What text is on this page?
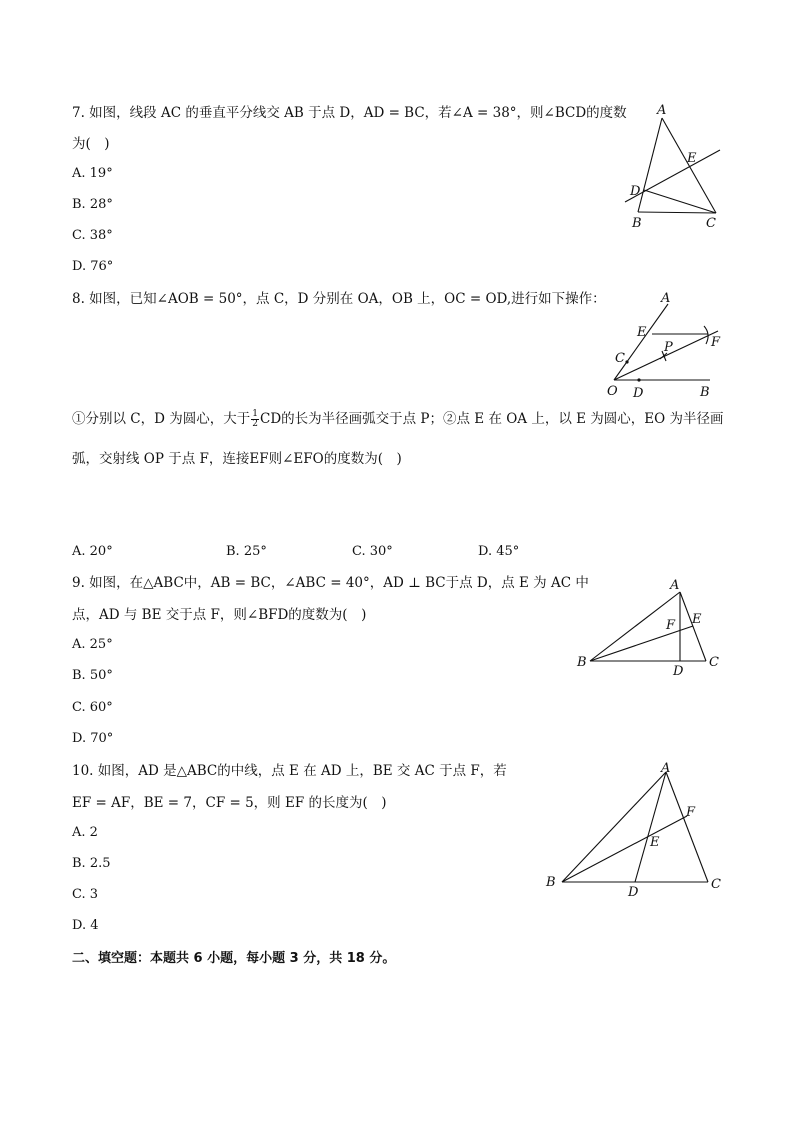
7. 如图，线段 AC 的垂直平分线交 AB 于点 D，AD = BC，若∠A = 38°，则∠BCD的度数
为(　)
A. 19°
B. 28°
C. 38°
D. 76°
A
E
D
B	C
8. 如图，已知∠AOB = 50°，点 C，D 分别在 OA，OB 上，OC = OD,进行如下操作：	A
E
F
P
C
O D	B
①分别以 C，D 为圆心，大于 $\frac{1}{2}$ CD的长为半径画弧交于点 P；②点 E 在 OA 上，以 E 为圆心，EO 为半径画
弧，交射线 OP 于点 F，连接EF则∠EFO的度数为(　)
A. 20°	B. 25°	C. 30°	D. 45°
9. 如图，在△ABC中，AB = BC，∠ABC = 40°，AD ⊥ BC于点 D，点 E 为 AC 中
点，AD 与 BE 交于点 F，则∠BFD的度数为(　)
A. 25°
B. 50°
C. 60°
D. 70°
A
E
F
B
D
C
10. 如图，AD 是△ABC的中线，点 E 在 AD 上，BE 交 AC 于点 F，若
EF = AF，BE = 7，CF = 5，则 EF 的长度为(　)
A. 2
B. 2.5
C. 3
D. 4
A
F
E
B
D
C
二、填空题：本题共 6 小题，每小题 3 分，共 18 分。
